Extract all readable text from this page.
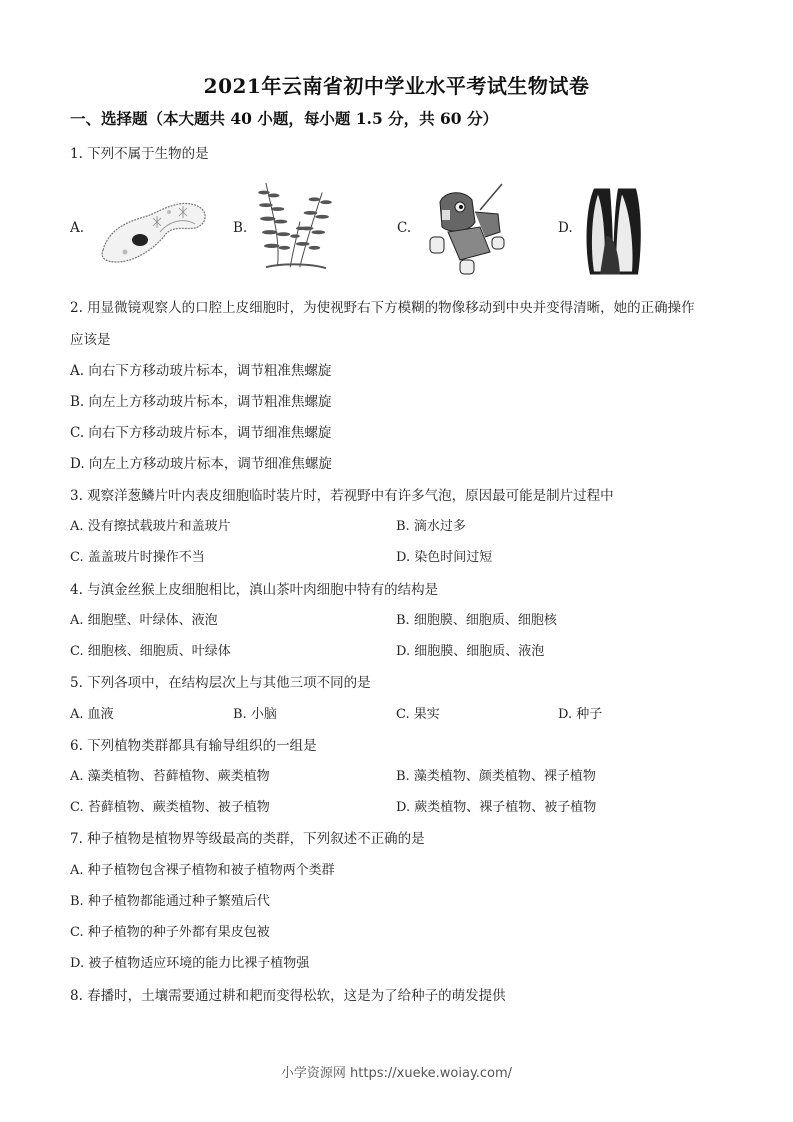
2021年云南省初中学业水平考试生物试卷
一、选择题（本大题共 40 小题，每小题 1.5 分，共 60 分）
1. 下列不属于生物的是
A.	B.	C.	D.
2. 用显微镜观察人的口腔上皮细胞时，为使视野右下方模糊的物像移动到中央并变得清晰，她的正确操作
应该是
A. 向右下方移动玻片标本，调节粗准焦螺旋
B. 向左上方移动玻片标本，调节粗准焦螺旋
C. 向右下方移动玻片标本，调节细准焦螺旋
D. 向左上方移动玻片标本，调节细准焦螺旋
3. 观察洋葱鳞片叶内表皮细胞临时装片时，若视野中有许多气泡，原因最可能是制片过程中
A. 没有擦拭载玻片和盖玻片	B. 滴水过多
C. 盖盖玻片时操作不当	D. 染色时间过短
4. 与滇金丝猴上皮细胞相比，滇山茶叶肉细胞中特有的结构是
A. 细胞壁、叶绿体、液泡	B. 细胞膜、细胞质、细胞核
C. 细胞核、细胞质、叶绿体	D. 细胞膜、细胞质、液泡
5. 下列各项中，在结构层次上与其他三项不同的是
A. 血液	B. 小脑	C. 果实	D. 种子
6. 下列植物类群都具有输导组织的一组是
A. 藻类植物、苔藓植物、蕨类植物	B. 藻类植物、颜类植物、裸子植物
C. 苔藓植物、蕨类植物、被子植物	D. 蕨类植物、裸子植物、被子植物
7. 种子植物是植物界等级最高的类群，下列叙述不正确的是
A. 种子植物包含裸子植物和被子植物两个类群
B. 种子植物都能通过种子繁殖后代
C. 种子植物的种子外都有果皮包被
D. 被子植物适应环境的能力比裸子植物强
8. 春播时，土壤需要通过耕和耙而变得松软，这是为了给种子的萌发提供
小学资源网 https://xueke.woiay.com/
